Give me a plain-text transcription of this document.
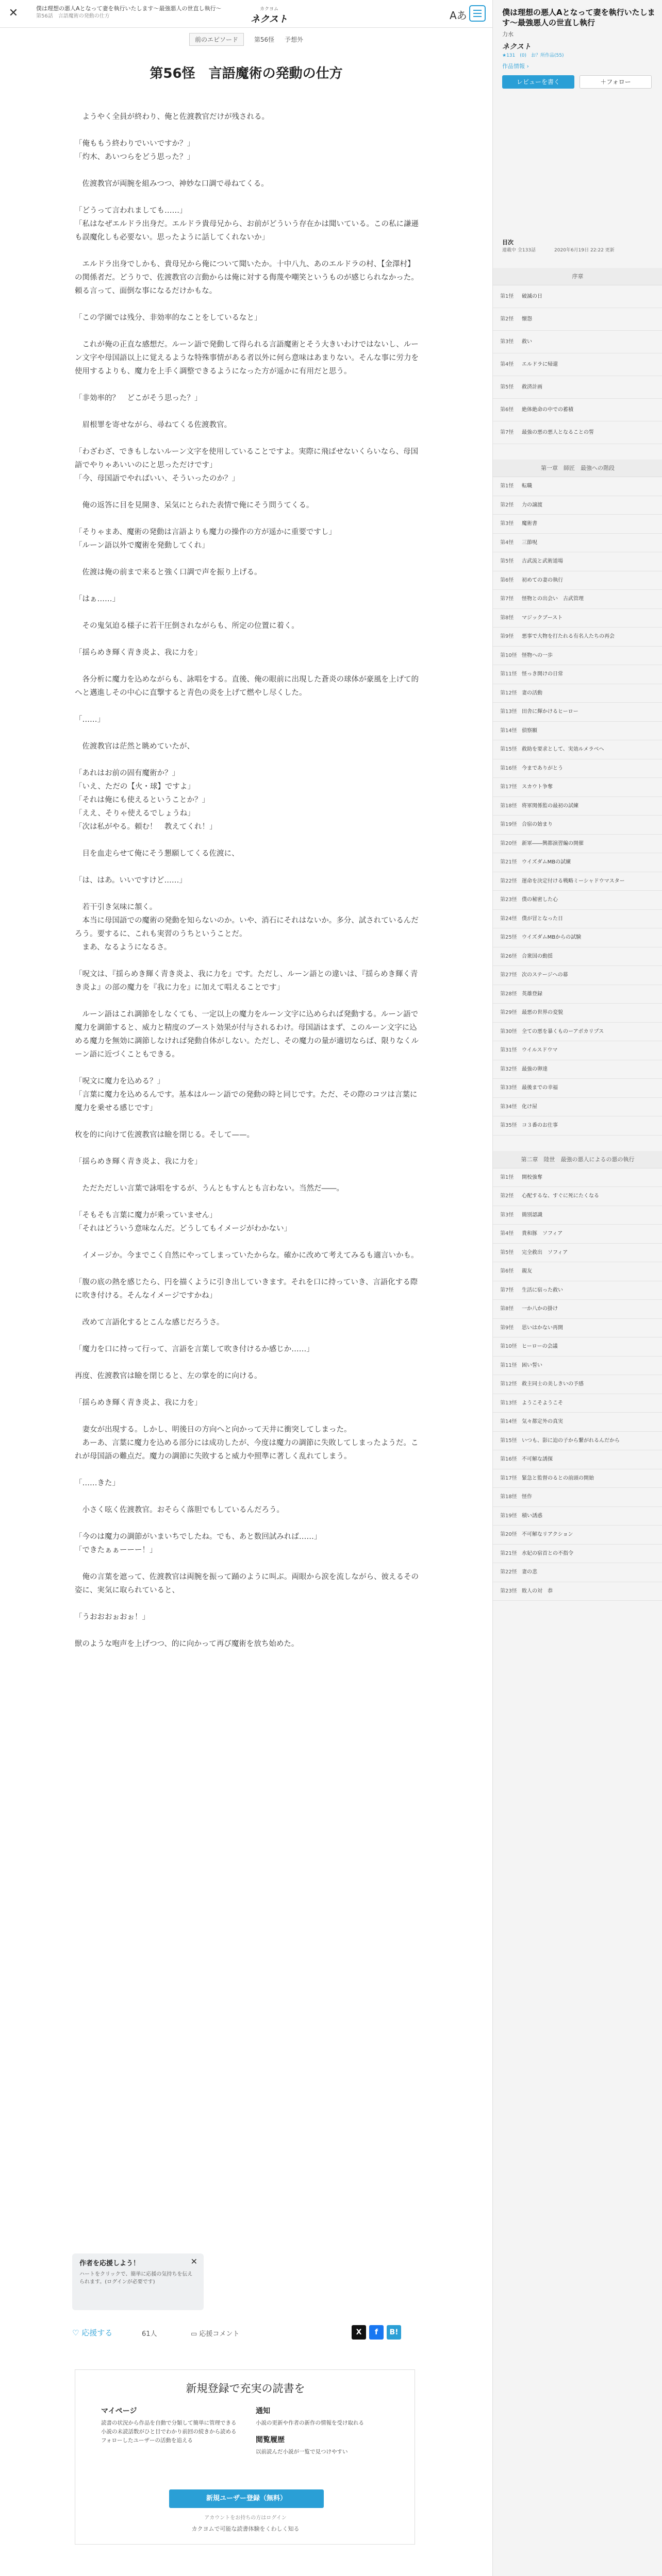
✕	僕は理想の悪人Aとなって妻を執行いたします〜最強悪人の世直し執行〜
第56話　言語魔術の発動の仕方
カクヨム
ネクスト	Aあ
前のエピソード	第56怪 予想外
第56怪　言語魔術の発動の仕方

　ようやく全員が終わり、俺と佐渡教官だけが残される。

「俺ももう終わりでいいですか？」

「灼木、あいつらをどう思った？」

　佐渡教官が両腕を組みつつ、神妙な口調で尋ねてくる。

「どうって言われましても……」

「私はなぜエルドラ出身だ。エルドラ貴母兄から、お前がどういう存在かは聞いている。この私に謙遜も誤魔化しも必要ない。思ったように話してくれないか」

　エルドラ出身でしかも、貴母兄から俺について聞いたか。十中八九、あのエルドラの村、【金澤村】の関係者だ。どうりで、佐渡教官の言動からは俺に対する侮蔑や嘲笑というものが感じられなかった。頼る言って、面倒な事になるだけかもな。

「この学園では残分、非効率的なことをしているなと」

　これが俺の正直な感想だ。ルーン語で発動して得られる言語魔術とそう大きいわけではないし、ルーン文字や母国語以上に覚えるような特殊事情がある者以外に何ら意味はあまりない。そんな事に労力を使用するよりも、魔力を上手く調整できるようになった方が遥かに有用だと思う。

「非効率的？　どこがそう思った？」

　眉根罪を寄せながら、尋ねてくる佐渡教官。

「わざわざ、できもしないルーン文字を使用していることですよ。実際に飛ばせないくらいなら、母国語でやりゃあいいのにと思っただけです」

「今、母国語でやればいい、そういったのか？」

　俺の返答に目を見開き、呆気にとられた表情で俺にそう問うてくる。

「そりゃまあ、魔術の発動は言語よりも魔力の操作の方が遥かに重要ですし」

「ルーン語以外で魔術を発動してくれ」

　佐渡は俺の前まで来ると強く口調で声を振り上げる。

「はぁ……」

　その鬼気迫る様子に若干圧倒されながらも、所定の位置に着く。

「揺らめき輝く青き炎よ、我に力を」

　各分析に魔力を込めながらも、詠唱をする。直後、俺の眼前に出現した蒼炎の球体が豪風を上げて的へと邁進しその中心に直撃すると青色の炎を上げて燃やし尽くした。

「……」

　佐渡教官は茫然と眺めていたが、

「あれはお前の固有魔術か？」

「いえ、ただの【火・球】ですよ」

「それは俺にも使えるということか？」

「ええ、そりゃ使えるでしょうね」

「次は私がやる。頼む！　教えてくれ！」

　目を血走らせて俺にそう懇願してくる佐渡に、

「は、はあ。いいですけど……」

　若干引き気味に頷く。

　本当に母国語での魔術の発動を知らないのか。いや、消石にそれはないか。多分、試されているんだろう。要するに、これも実習のうちということだ。

　まあ、なるようになるさ。

「呪文は、『揺らめき輝く青き炎よ、我に力を』です。ただし、ルーン語との違いは、『揺らめき輝く青き炎よ』の部の魔力を『我に力を』に加えて唱えることです」

　ルーン語はこれ調節をしなくても、一定以上の魔力をルーン文字に込められば発動する。ルーン語で魔力を調節すると、威力と精度のブースト効果が付与されるわけ。母国語はまず、このルーン文字に込める魔力を無効に調節しなければ発動自体がしない。ただし、その魔力の量が適切ならば、限りなくルーン語に近づくこともできる。

「呪文に魔力を込める？」

「言葉に魔力を込めるんです。基本はルーン語での発動の時と同じです。ただ、その際のコツは言葉に魔力を乗せる感じです」

枚を的に向けて佐渡教官は瞼を閉じる。そして——。

「揺らめき輝く青き炎よ、我に力を」

　ただただしい言葉で詠唱をするが、うんともすんとも言わない。当然だ――。

「そもそも言葉に魔力が乗っていません」

「それはどういう意味なんだ。どうしてもイメージがわかない」

　イメージか。今までこく自然にやってしまっていたからな。確かに改めて考えてみるも適言いかも。

「腹の底の熱を感じたら、円を描くように引き出していきます。それを口に持っていき、言語化する際に吹き付ける。そんなイメージですかね」

　改めて言語化するとこんな感じだろうさ。

「魔力を口に持って行って、言語を言葉して吹き付けるか感じか……」

再度、佐渡教官は瞼を閉じると、左の掌を的に向ける。

「揺らめき輝く青き炎よ、我に力を」

　妻女が出現する。しかし、明後日の方向へと向かって天井に衝突してしまった。

　あーあ、言葉に魔力を込める部分には成功したが、今度は魔力の調節に失敗してしまったようだ。これが母国語の難点だ。魔力の調節に失敗すると威力や照準に著しく乱れてしまう。

「……きた」

　小さく呟く佐渡教官。おそらく落胆でもしているんだろう。

「今のは魔力の調節がいまいちでしたね。でも、あと数回試みれば……」

「できたぁぁーーー！」

　俺の言葉を遮って、佐渡教官は両腕を振って踊のように叫ぶ。両眼から涙を流しながら、彼えるその姿に、実気に取られていると、

「うおおおぉおぉ！」

獣のような咆声を上げつつ、的に向かって再び魔術を放ち始めた。

✕
作者を応援しよう！
ハートをクリックで、簡単に応援の気持ちを伝えられます。(ログインが必要です)
♡ 応援する	61人	▭ 応援コメント	X	f	B!
新規登録で充実の読書を
マイページ
読書の状況から作品を自動で分類して簡単に管理できる
小説の未読話数がひと目でわかり前回の続きから読める
フォローしたユーザーの活動を追える
通知
小説の更新や作者の新作の情報を受け取れる
閲覧履歴
以前読んだ小説が一覧で見つけやすい
新規ユーザー登録（無料）
アカウントをお持ちの方はログイン
カクヨムで可能な読書体験をくわしく知る
僕は理想の悪人Aとなって妻を執行いたします〜最強悪人の世直し執行
力水
ネクスト
★131　(0)　お？所作品(55)
作品情報 ›
レビューを書く	＋フォロー
目次
連載中 全133話　　　　2020年6月19日 22:22 更新
序章
第1怪	破滅の日
第2怪	懐怨
第3怪	救い
第4怪	エルドラに帰還
第5怪	救済計画
第6怪	絶体絶命の中での蓄積
第7怪	最強の悪の悪人となることの誓
第一章　師匠　最強への階段
第1怪	転職
第2怪	力の譲渡
第3怪	魔術書
第4怪	三節呪
第5怪	古武流と武術道場
第6怪	初めての妻の執行
第7怪	怪物との出会い　古武管理
第8怪	マジックブースト
第9怪	悪事で大物を打たれる有名人たちの再会
第10怪 怪物への一歩
第11怪 怪っき開けの日常
第12怪 妻の活動
第13怪 田舎に輝かけるヒーロー
第14怪 偵察願
第15怪 救助を要求として、実効ルメラベヘ
第16怪 今までありがとう
第17怪 スカウト争奪
第18怪 将軍関係監の最初の試練
第19怪 合宿の始まり
第20怪 新軍――興都演習編の開催
第21怪 ウイズダムMBの試練
第22怪 運命を決定付ける戦略ミーシャドウマスター
第23怪 僕の秘密した心
第24怪 僕が冒となった日
第25怪 ウイズダムMBからの試験
第26怪 合衆国の動揺
第27怪 次のステージへの幕
第28怪 英雄登録
第29怪 最悪の世界の変貌
第30怪 全ての悪を暴くものーアポカリプス
第31怪 ウイルスドウマ
第32怪 最強の卵達
第33怪 最後までの幸福
第34怪 化け屋
第35怪 コ３番のお仕事
第二章　陸世　最強の悪人によるの悪の執行
第1怪	開校強奪
第2怪	心配するな、すぐに死にたくなる
第3怪	簡別認識
第4怪	貴和豚　ソフィア
第5怪	完全救出　ソフィア
第6怪	親友
第7怪	生活に宿った救い
第8怪	一か八かの掛け
第9怪	思いはかない再開
第10怪 ヒーローの会議
第11怪 困い誓い
第12怪 救主同士の美しきいの予感
第13怪 ようこそようこそ
第14怪 気々都定外の真実
第15怪 いつも、影に迫の子から繋がれるんだから
第16怪 不可解な誘探
第17怪 緊急と監督のるとの前頭の開始
第18怪 怪作
第19怪 積い誘惑
第20怪 不可解なリアクション
第21怪 水妃の宿首との不指令
第22怪 妻の悲
第23怪 敗人の対　恭
